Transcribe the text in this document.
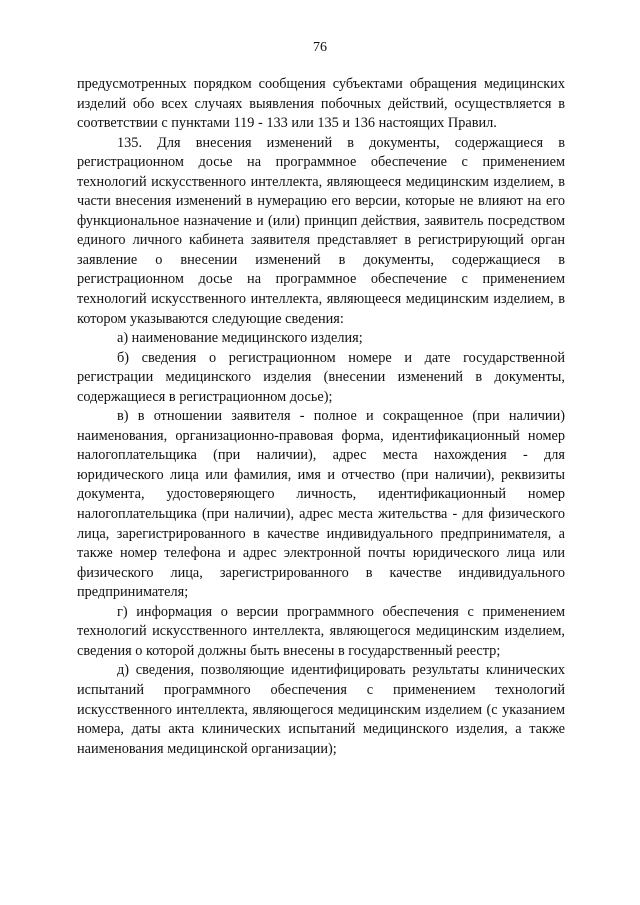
76

предусмотренных порядком сообщения субъектами обращения медицинских изделий обо всех случаях выявления побочных действий, осуществляется в соответствии с пунктами 119 - 133 или 135 и 136 настоящих Правил.

135. Для внесения изменений в документы, содержащиеся в регистрационном досье на программное обеспечение с применением технологий искусственного интеллекта, являющееся медицинским изделием, в части внесения изменений в нумерацию его версии, которые не влияют на его функциональное назначение и (или) принцип действия, заявитель посредством единого личного кабинета заявителя представляет в регистрирующий орган заявление о внесении изменений в документы, содержащиеся в регистрационном досье на программное обеспечение с применением технологий искусственного интеллекта, являющееся медицинским изделием, в котором указываются следующие сведения:

а) наименование медицинского изделия;

б) сведения о регистрационном номере и дате государственной регистрации медицинского изделия (внесении изменений в документы, содержащиеся в регистрационном досье);

в) в отношении заявителя - полное и сокращенное (при наличии) наименования, организационно-правовая форма, идентификационный номер налогоплательщика (при наличии), адрес места нахождения - для юридического лица или фамилия, имя и отчество (при наличии), реквизиты документа, удостоверяющего личность, идентификационный номер налогоплательщика (при наличии), адрес места жительства - для физического лица, зарегистрированного в качестве индивидуального предпринимателя, а также номер телефона и адрес электронной почты юридического лица или физического лица, зарегистрированного в качестве индивидуального предпринимателя;

г) информация о версии программного обеспечения с применением технологий искусственного интеллекта, являющегося медицинским изделием, сведения о которой должны быть внесены в государственный реестр;

д) сведения, позволяющие идентифицировать результаты клинических испытаний программного обеспечения с применением технологий искусственного интеллекта, являющегося медицинским изделием (с указанием номера, даты акта клинических испытаний медицинского изделия, а также наименования медицинской организации);
